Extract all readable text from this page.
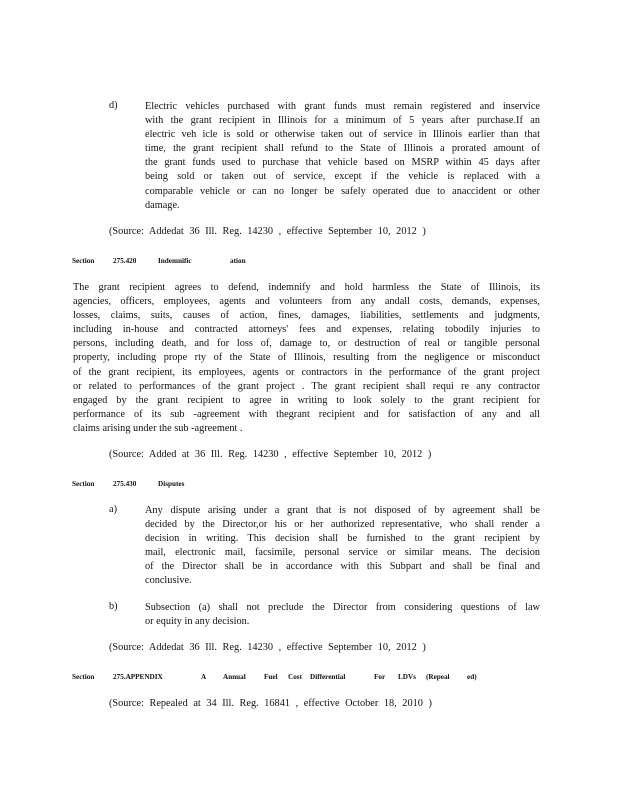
d)	Electric vehicles purchased with grant funds must remain registered and inservice
with the grant recipient in Illinois for a minimum of 5 years after purchase.If an
electric veh icle is sold or otherwise taken out of service in Illinois earlier than that
time, the grant recipient shall refund to the State of Illinois a prorated amount of
the grant funds used to purchase that vehicle based on MSRP within 45 days after
being sold or taken out of service, except if the vehicle is replaced with a
comparable vehicle or can no longer be safely operated due to anaccident or other
damage.
(Source: Addedat 36 Ill. Reg. 14230 , effective September 10, 2012 )
Section	275.420	Indemnific	ation
The grant recipient agrees to defend, indemnify and hold harmless the State of Illinois, its
agencies, officers, employees, agents and volunteers from any andall costs, demands, expenses,
losses, claims, suits, causes of action, fines, damages, liabilities, settlements and judgments,
including in-house and contracted attorneys' fees and expenses, relating tobodily injuries to
persons, including death, and for loss of, damage to, or destruction of real or tangible personal
property, including prope rty of the State of Illinois, resulting from the negligence or misconduct
of the grant recipient, its employees, agents or contractors in the performance of the grant project
or related to performances of the grant project . The grant recipient shall requi re any contractor
engaged by the grant recipient to agree in writing to look solely to the grant recipient for
performance of its sub -agreement with thegrant recipient and for satisfaction of any and all
claims arising under the sub -agreement .
(Source: Added at 36 Ill. Reg. 14230 , effective September 10, 2012 )
Section	275.430	Disputes
a)	Any dispute arising under a grant that is not disposed of by agreement shall be
decided by the Director,or his or her authorized representative, who shall render a
decision in writing. This decision shall be furnished to the grant recipient by
mail, electronic mail, facsimile, personal service or similar means. The decision
of the Director shall be in accordance with this Subpart and shall be final and
conclusive.
b)	Subsection (a) shall not preclude the Director from considering questions of law
or equity in any decision.
(Source: Addedat 36 Ill. Reg. 14230 , effective September 10, 2012 )
Section	275.APPENDIX	A Annual	Fuel Cost Differential	For LDVs (Repeal ed)
(Source: Repealed at 34 Ill. Reg. 16841 , effective October 18, 2010 )
